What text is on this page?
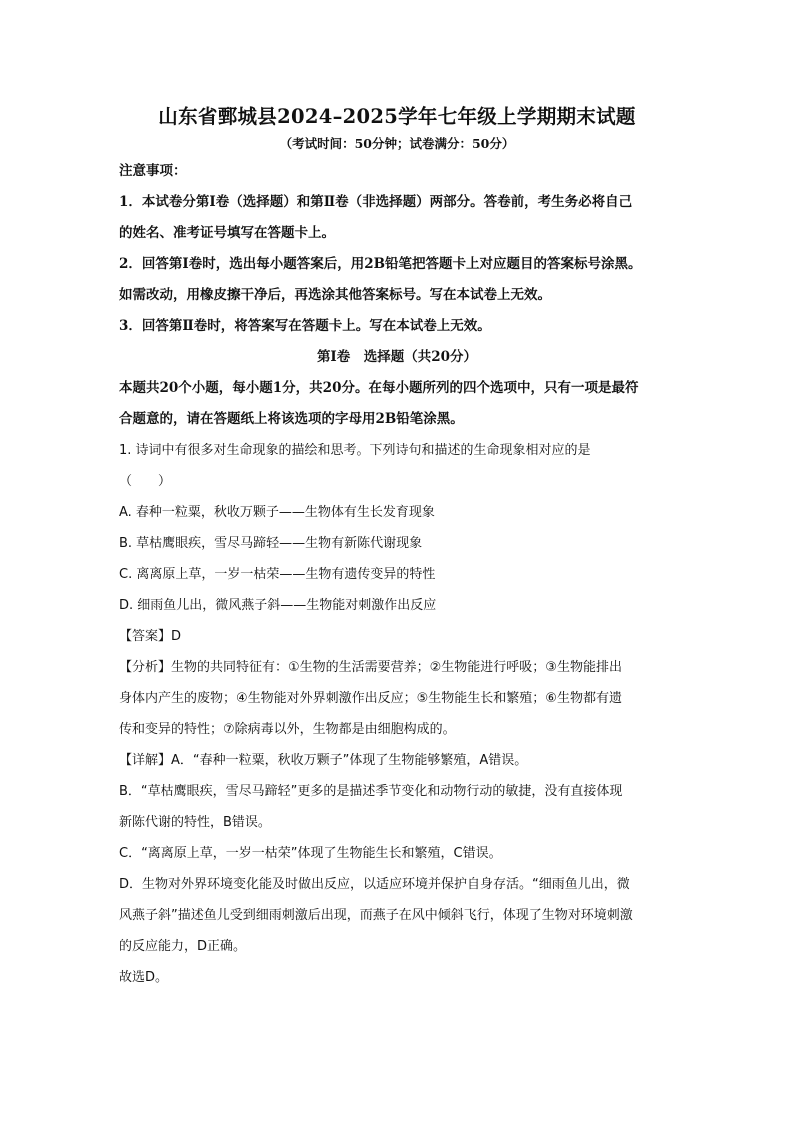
山东省鄄城县2024–2025学年七年级上学期期末试题

（考试时间：50分钟；试卷满分：50分）

注意事项：

1．本试卷分第Ⅰ卷（选择题）和第Ⅱ卷（非选择题）两部分。答卷前，考生务必将自己

的姓名、准考证号填写在答题卡上。

2．回答第Ⅰ卷时，选出每小题答案后，用2B铅笔把答题卡上对应题目的答案标号涂黑。

如需改动，用橡皮擦干净后，再选涂其他答案标号。写在本试卷上无效。

3．回答第Ⅱ卷时，将答案写在答题卡上。写在本试卷上无效。

第Ⅰ卷　选择题（共20分）

本题共20个小题，每小题1分，共20分。在每小题所列的四个选项中，只有一项是最符

合题意的，请在答题纸上将该选项的字母用2B铅笔涂黑。

1. 诗词中有很多对生命现象的描绘和思考。下列诗句和描述的生命现象相对应的是

（　　）

A. 春种一粒粟，秋收万颗子——生物体有生长发育现象

B. 草枯鹰眼疾，雪尽马蹄轻——生物有新陈代谢现象

C. 离离原上草，一岁一枯荣——生物有遗传变异的特性

D. 细雨鱼儿出，微风燕子斜——生物能对刺激作出反应

【答案】D

【分析】生物的共同特征有：①生物的生活需要营养；②生物能进行呼吸；③生物能排出

身体内产生的废物；④生物能对外界刺激作出反应；⑤生物能生长和繁殖；⑥生物都有遗

传和变异的特性；⑦除病毒以外，生物都是由细胞构成的。

【详解】A．“春种一粒粟，秋收万颗子”体现了生物能够繁殖，A错误。

B．“草枯鹰眼疾，雪尽马蹄轻”更多的是描述季节变化和动物行动的敏捷，没有直接体现

新陈代谢的特性，B错误。

C．“离离原上草，一岁一枯荣”体现了生物能生长和繁殖，C错误。

D．生物对外界环境变化能及时做出反应，以适应环境并保护自身存活。“细雨鱼儿出，微

风燕子斜”描述鱼儿受到细雨刺激后出现，而燕子在风中倾斜飞行，体现了生物对环境刺激

的反应能力，D正确。

故选D。
